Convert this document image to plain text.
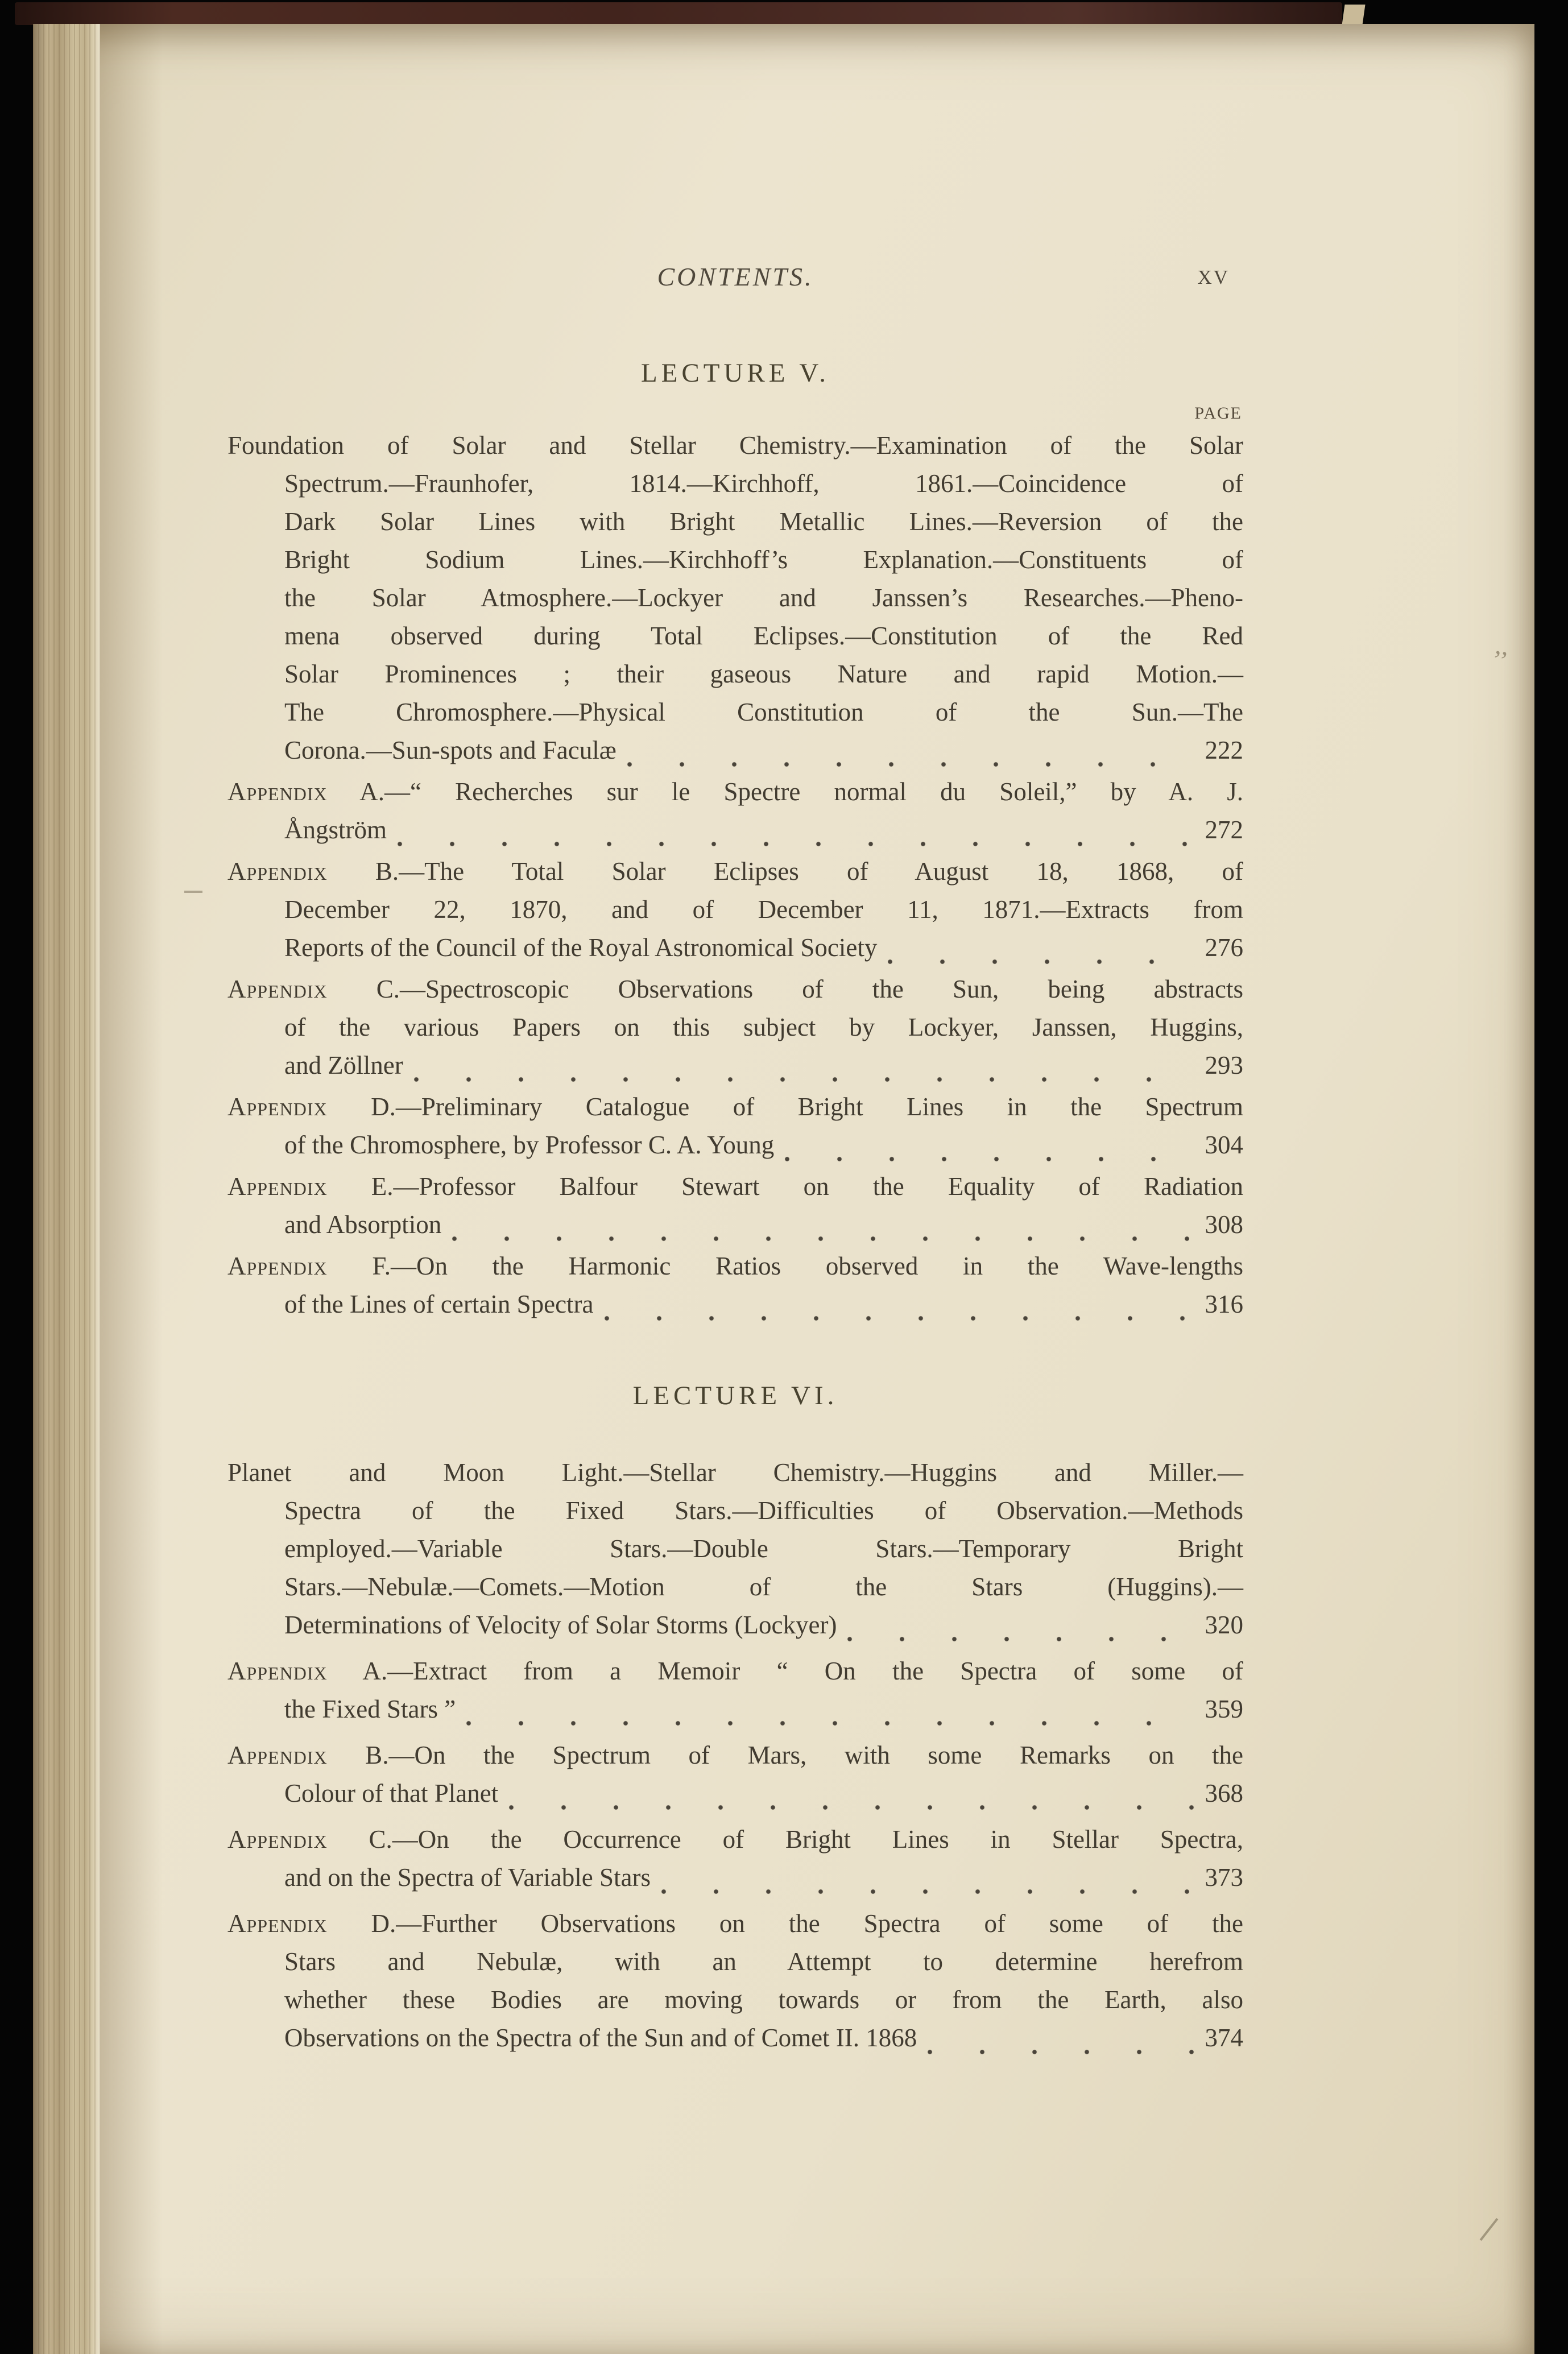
CONTENTS.	XV
LECTURE V.
PAGE
Foundation of Solar and Stellar Chemistry.—Examination of the Solar
Spectrum.—Fraunhofer, 1814.—Kirchhoff, 1861.—Coincidence of
Dark Solar Lines with Bright Metallic Lines.—Reversion of the
Bright Sodium Lines.—Kirchhoff’s Explanation.—Constituents of
the Solar Atmosphere.—Lockyer and Janssen’s Researches.—Pheno-
mena observed during Total Eclipses.—Constitution of the Red
Solar Prominences ; their gaseous Nature and rapid Motion.—
The Chromosphere.—Physical Constitution of the Sun.—The
Corona.—Sun-spots and Faculæ	222
Appendix A.—“ Recherches sur le Spectre normal du Soleil,” by A. J.
Ångström	272
Appendix B.—The Total Solar Eclipses of August 18, 1868, of
December 22, 1870, and of December 11, 1871.—Extracts from
Reports of the Council of the Royal Astronomical Society	276
Appendix C.—Spectroscopic Observations of the Sun, being abstracts
of the various Papers on this subject by Lockyer, Janssen, Huggins,
and Zöllner	293
Appendix D.—Preliminary Catalogue of Bright Lines in the Spectrum
of the Chromosphere, by Professor C. A. Young	304
Appendix E.—Professor Balfour Stewart on the Equality of Radiation
and Absorption	308
Appendix F.—On the Harmonic Ratios observed in the Wave-lengths
of the Lines of certain Spectra	316
LECTURE VI.
Planet and Moon Light.—Stellar Chemistry.—Huggins and Miller.—
Spectra of the Fixed Stars.—Difficulties of Observation.—Methods
employed.—Variable Stars.—Double Stars.—Temporary Bright
Stars.—Nebulæ.—Comets.—Motion of the Stars (Huggins).—
Determinations of Velocity of Solar Storms (Lockyer)	320
Appendix A.—Extract from a Memoir “ On the Spectra of some of
the Fixed Stars ”	359
Appendix B.—On the Spectrum of Mars, with some Remarks on the
Colour of that Planet	368
Appendix C.—On the Occurrence of Bright Lines in Stellar Spectra,
and on the Spectra of Variable Stars	373
Appendix D.—Further Observations on the Spectra of some of the
Stars and Nebulæ, with an Attempt to determine herefrom
whether these Bodies are moving towards or from the Earth, also
Observations on the Spectra of the Sun and of Comet II. 1868	374
’’
